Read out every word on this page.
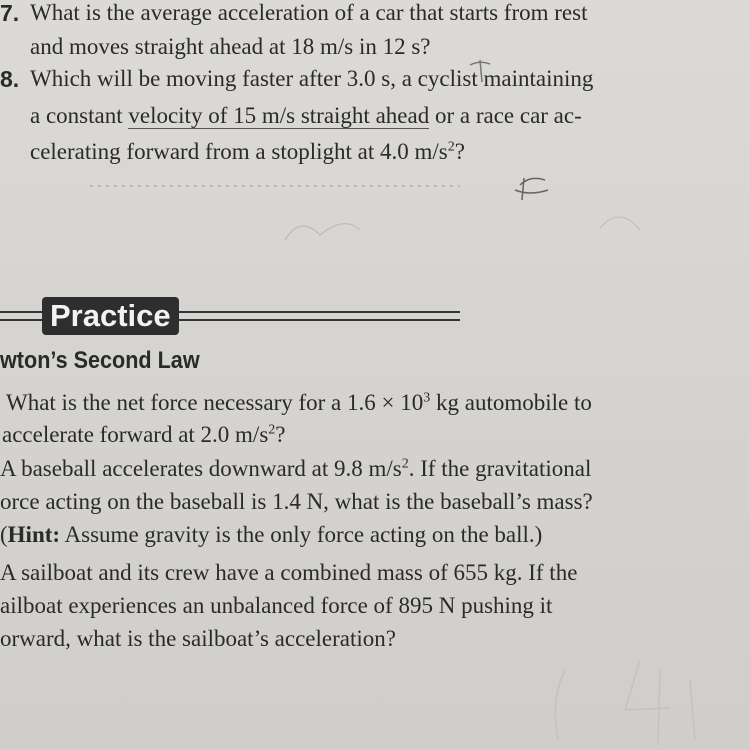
7. What is the average acceleration of a car that starts from rest
and moves straight ahead at 18 m/s in 12 s?
8. Which will be moving faster after 3.0 s, a cyclist maintaining
a constant velocity of 15 m/s straight ahead or a race car ac-
celerating forward from a stoplight at 4.0 $m/s^2$?
Practice
wton’s Second Law
What is the net force necessary for a $1.6 \times 10^3$ kg automobile to
accelerate forward at 2.0 $m/s^2$?
A baseball accelerates downward at 9.8 $m/s^2$. If the gravitational
orce acting on the baseball is 1.4 N, what is the baseball’s mass?
(Hint: Assume gravity is the only force acting on the ball.)
A sailboat and its crew have a combined mass of 655 kg. If the
ailboat experiences an unbalanced force of 895 N pushing it
orward, what is the sailboat’s acceleration?
